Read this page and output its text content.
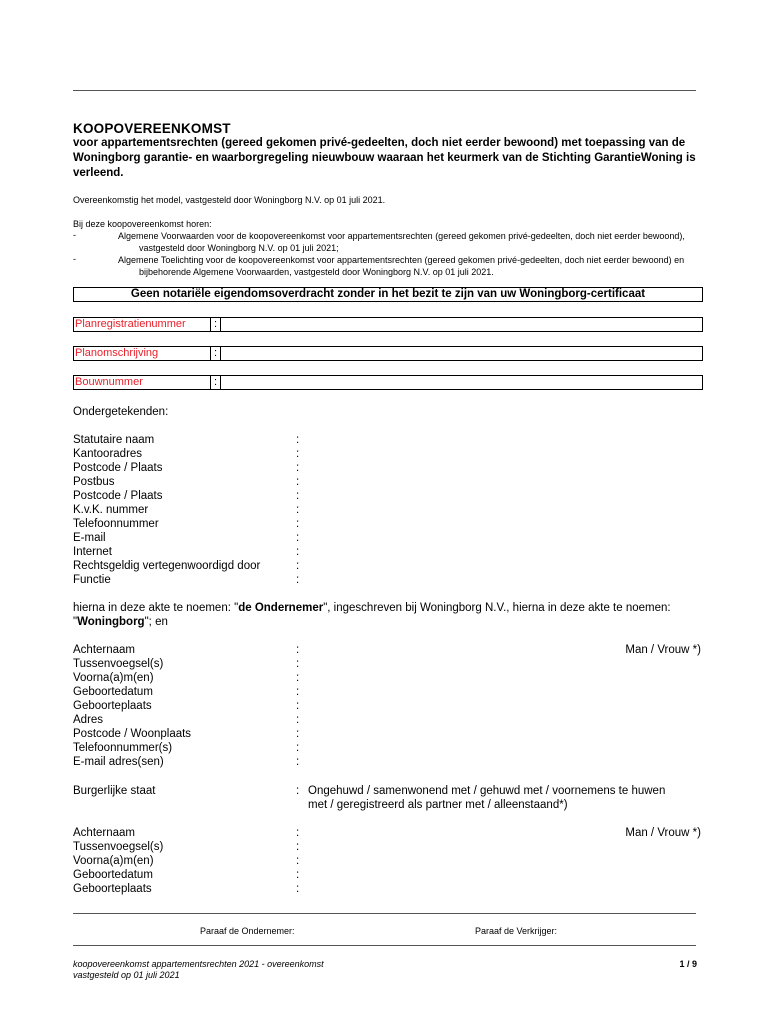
KOOPOVEREENKOMST
voor appartementsrechten (gereed gekomen privé-gedeelten, doch niet eerder bewoond) met toepassing van de Woningborg garantie- en waarborgregeling nieuwbouw waaraan het keurmerk van de Stichting GarantieWoning is verleend.
Overeenkomstig het model, vastgesteld door Woningborg N.V. op 01 juli 2021.
Bij deze koopovereenkomst horen:
-	Algemene Voorwaarden voor de koopovereenkomst voor appartementsrechten (gereed gekomen privé-gedeelten, doch niet eerder bewoond), vastgesteld door Woningborg N.V. op 01 juli 2021;
-	Algemene Toelichting voor de koopovereenkomst voor appartementsrechten (gereed gekomen privé-gedeelten, doch niet eerder bewoond) en bijbehorende Algemene Voorwaarden, vastgesteld door Woningborg N.V. op 01 juli 2021.
Geen notariële eigendomsoverdracht zonder in het bezit te zijn van uw Woningborg-certificaat
Planregistratienummer	:
Planomschrijving	:
Bouwnummer	:
Ondergetekenden:
Statutaire naam	:
Kantooradres	:
Postcode / Plaats	:
Postbus	:
Postcode / Plaats	:
K.v.K. nummer	:
Telefoonnummer	:
E-mail	:
Internet	:
Rechtsgeldig vertegenwoordigd door	:
Functie	:
hierna in deze akte te noemen: "de Ondernemer", ingeschreven bij Woningborg N.V., hierna in deze akte te noemen: "Woningborg"; en
Achternaam	:	Man / Vrouw *)
Tussenvoegsel(s)	:
Voorna(a)m(en)	:
Geboortedatum	:
Geboorteplaats	:
Adres	:
Postcode / Woonplaats	:
Telefoonnummer(s)	:
E-mail adres(sen)	:
Burgerlijke staat	: Ongehuwd / samenwonend met / gehuwd met / voornemens te huwen met / geregistreerd als partner met / alleenstaand*)
Achternaam	:	Man / Vrouw *)
Tussenvoegsel(s)	:
Voorna(a)m(en)	:
Geboortedatum	:
Geboorteplaats	:
Paraaf de Ondernemer:	Paraaf de Verkrijger:
koopovereenkomst appartementsrechten 2021 - overeenkomst
vastgesteld op 01 juli 2021
1 / 9
